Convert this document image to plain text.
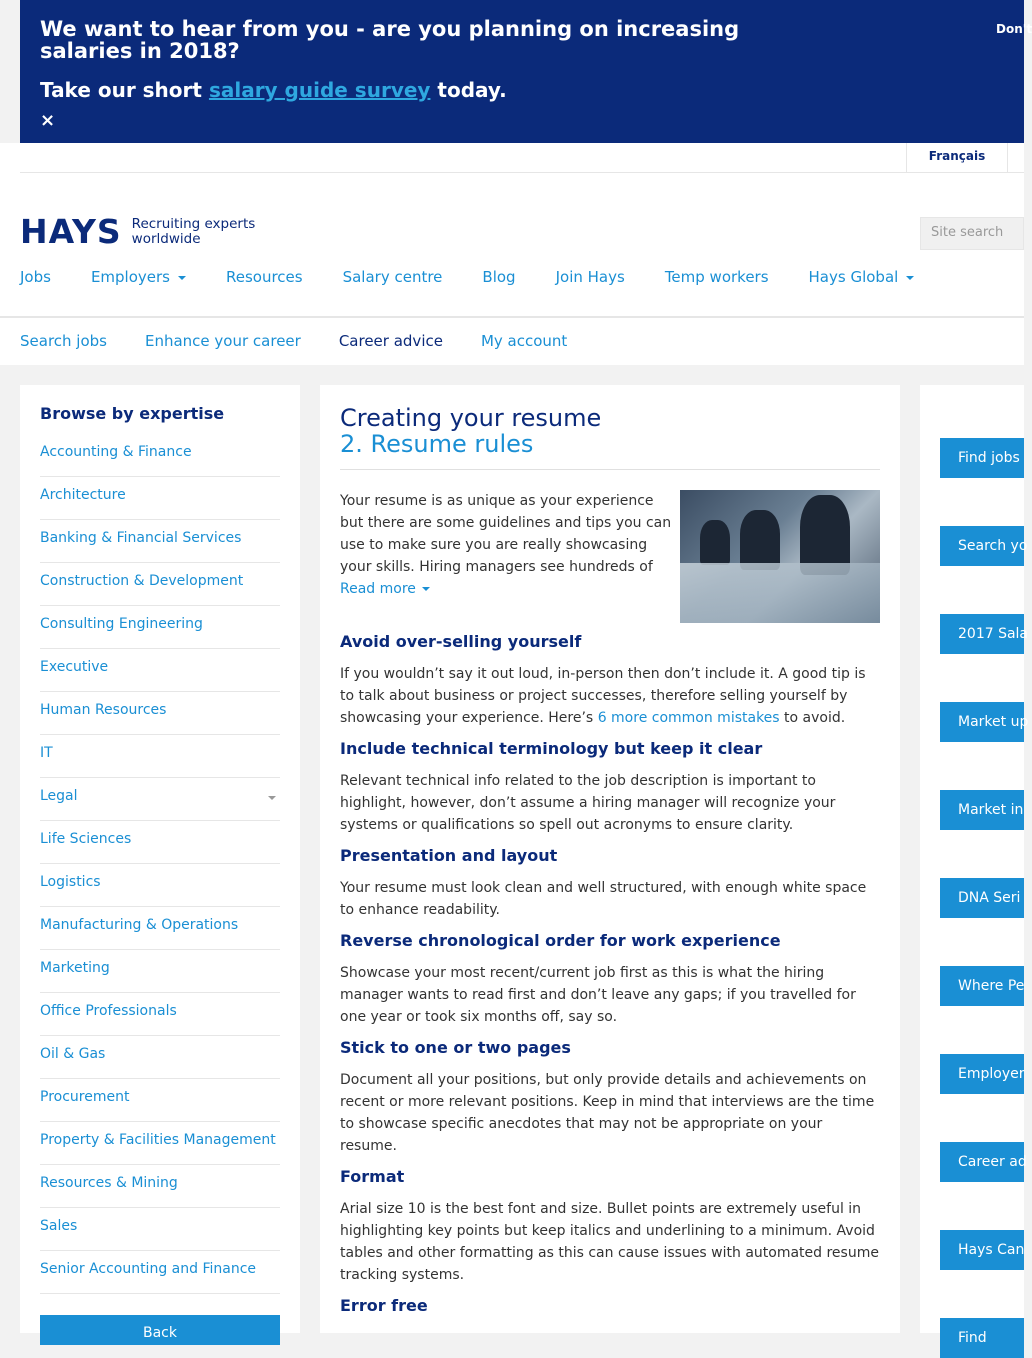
We want to hear from you - are you planning on increasing salaries in 2018?
Take our short salary guide survey today.
×
Don't
Français
HAYS Recruiting experts
worldwide	Site search
Jobs	Employers	Resources	Salary centre	Blog	Join Hays	Temp workers	Hays Global
Search jobs	Enhance your career	Career advice	My account
Browse by expertise
Accounting & Finance
Architecture
Banking & Financial Services
Construction & Development
Consulting Engineering
Executive
Human Resources
IT
Legal
Life Sciences
Logistics
Manufacturing & Operations
Marketing
Office Professionals
Oil & Gas
Procurement
Property & Facilities Management
Resources & Mining
Sales
Senior Accounting and Finance
Back
Creating your resume
2. Resume rules
Your resume is as unique as your experience but there are some guidelines and tips you can use to make sure you are really showcasing your skills. Hiring managers see hundreds of
Read more
Avoid over-selling yourself
If you wouldn’t say it out loud, in-person then don’t include it. A good tip is to talk about business or project successes, therefore selling yourself by showcasing your experience. Here’s 6 more common mistakes to avoid.
Include technical terminology but keep it clear
Relevant technical info related to the job description is important to highlight, however, don’t assume a hiring manager will recognize your systems or qualifications so spell out acronyms to ensure clarity.
Presentation and layout
Your resume must look clean and well structured, with enough white space to enhance readability.
Reverse chronological order for work experience
Showcase your most recent/current job first as this is what the hiring manager wants to read first and don’t leave any gaps; if you travelled for one year or took six months off, say so.
Stick to one or two pages
Document all your positions, but only provide details and achievements on recent or more relevant positions. Keep in mind that interviews are the time to showcase specific anecdotes that may not be appropriate on your resume.
Format
Arial size 10 is the best font and size. Bullet points are extremely useful in highlighting key points but keep italics and underlining to a minimum. Avoid tables and other formatting as this can cause issues with automated resume tracking systems.
Error free
Find jobs
Search yo
2017 Sala
Market up
Market in
DNA Seri
Where Pe
Employer
Career ad
Hays Can
Find
